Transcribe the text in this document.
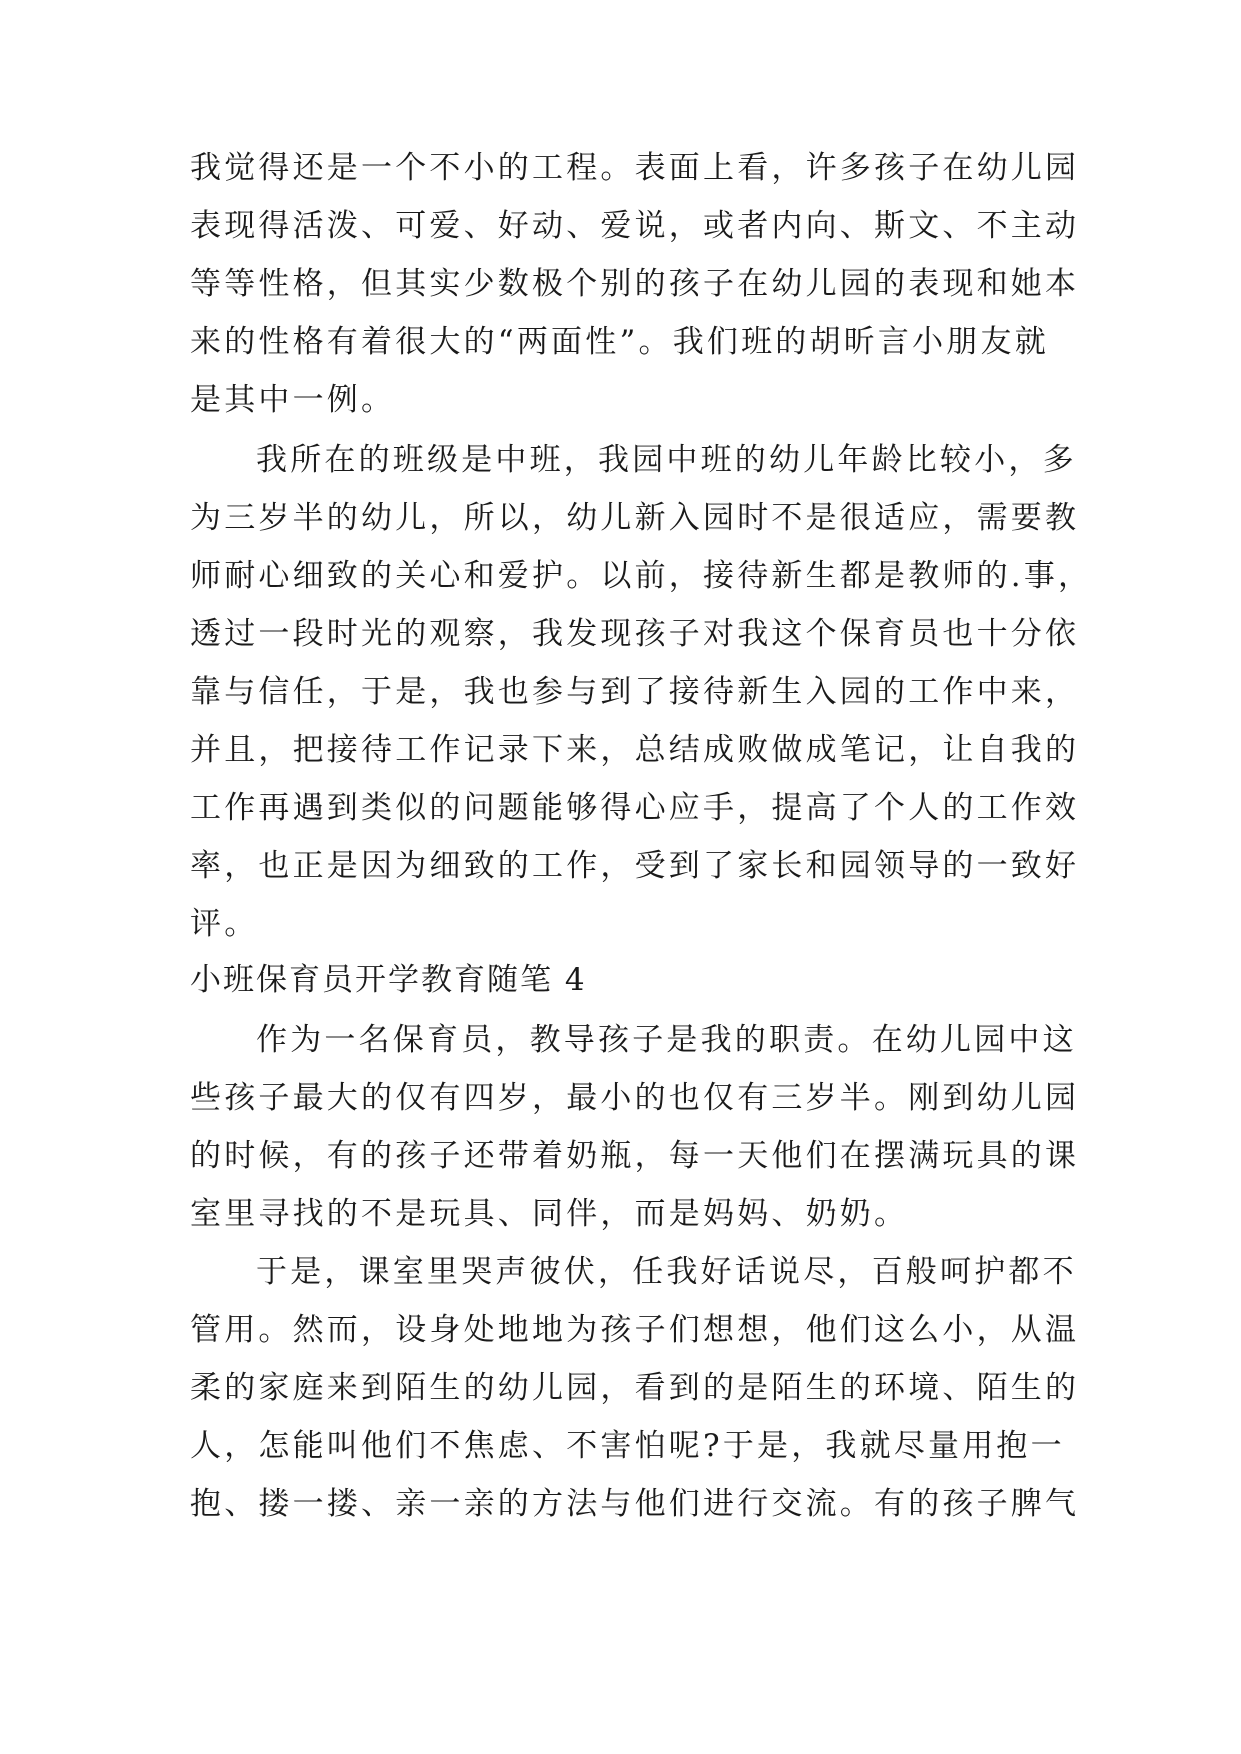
我觉得还是一个不小的工程。表面上看，许多孩子在幼儿园
表现得活泼、可爱、好动、爱说，或者内向、斯文、不主动
等等性格，但其实少数极个别的孩子在幼儿园的表现和她本
来的性格有着很大的“两面性”。我们班的胡昕言小朋友就
是其中一例。
我所在的班级是中班，我园中班的幼儿年龄比较小，多
为三岁半的幼儿，所以，幼儿新入园时不是很适应，需要教
师耐心细致的关心和爱护。以前，接待新生都是教师的.事，
透过一段时光的观察，我发现孩子对我这个保育员也十分依
靠与信任，于是，我也参与到了接待新生入园的工作中来，
并且，把接待工作记录下来，总结成败做成笔记，让自我的
工作再遇到类似的问题能够得心应手，提高了个人的工作效
率，也正是因为细致的工作，受到了家长和园领导的一致好
评。
小班保育员开学教育随笔 4
作为一名保育员，教导孩子是我的职责。在幼儿园中这
些孩子最大的仅有四岁，最小的也仅有三岁半。刚到幼儿园
的时候，有的孩子还带着奶瓶，每一天他们在摆满玩具的课
室里寻找的不是玩具、同伴，而是妈妈、奶奶。
于是，课室里哭声彼伏，任我好话说尽，百般呵护都不
管用。然而，设身处地地为孩子们想想，他们这么小，从温
柔的家庭来到陌生的幼儿园，看到的是陌生的环境、陌生的
人，怎能叫他们不焦虑、不害怕呢?于是，我就尽量用抱一
抱、搂一搂、亲一亲的方法与他们进行交流。有的孩子脾气
